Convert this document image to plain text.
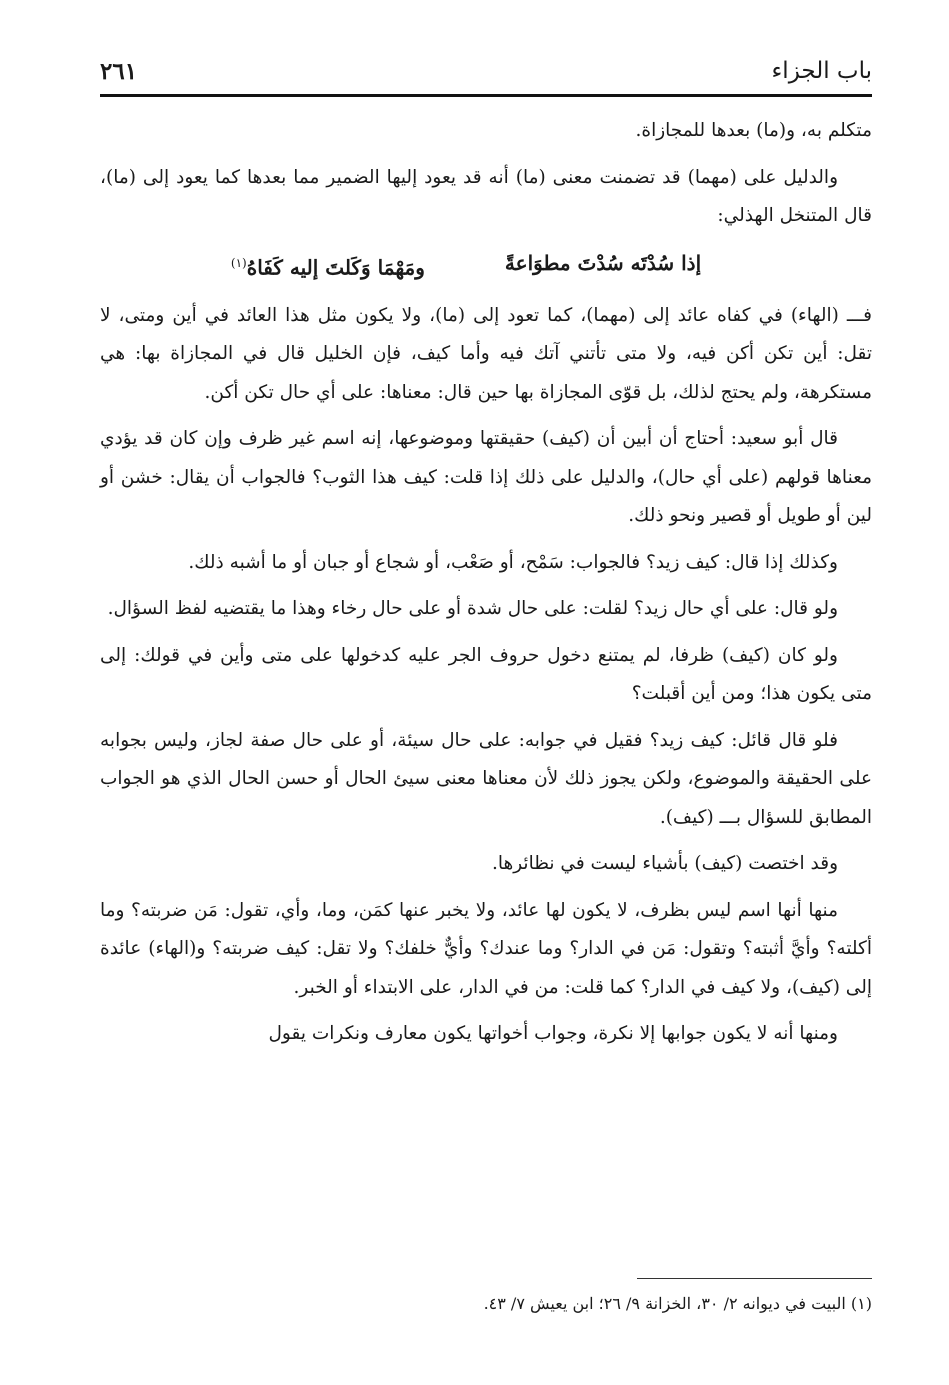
باب الجزاء
٢٦١

متكلم به، و(ما) بعدها للمجازاة.

والدليل على (مهما) قد تضمنت معنى (ما) أنه قد يعود إليها الضمير مما بعدها كما يعود إلى (ما)، قال المتنخل الهذلي:

إذا سُدْتَه سُدْتَ مطوَاعةً
ومَهْمَا وَكَلتَ إليه كَفَاهُ$^{(١)}$

فـــ (الهاء) في كفاه عائد إلى (مهما)، كما تعود إلى (ما)، ولا يكون مثل هذا العائد في أين ومتى، لا تقل: أين تكن أكن فيه، ولا متى تأتني آتك فيه وأما كيف، فإن الخليل قال في المجازاة بها: هي مستكرهة، ولم يحتج لذلك، بل قوّى المجازاة بها حين قال: معناها: على أي حال تكن أكن.

قال أبو سعيد: أحتاج أن أبين أن (كيف) حقيقتها وموضوعها، إنه اسم غير ظرف وإن كان قد يؤدي معناها قولهم (على أي حال)، والدليل على ذلك إذا قلت: كيف هذا الثوب؟ فالجواب أن يقال: خشن أو لين أو طويل أو قصير ونحو ذلك.

وكذلك إذا قال: كيف زيد؟ فالجواب: سَمْح، أو صَعْب، أو شجاع أو جبان أو ما أشبه ذلك.

ولو قال: على أي حال زيد؟ لقلت: على حال شدة أو على حال رخاء وهذا ما يقتضيه لفظ السؤال.

ولو كان (كيف) ظرفا، لم يمتنع دخول حروف الجر عليه كدخولها على متى وأين في قولك: إلى متى يكون هذا؛ ومن أين أقبلت؟

فلو قال قائل: كيف زيد؟ فقيل في جوابه: على حال سيئة، أو على حال صفة لجاز، وليس بجوابه على الحقيقة والموضوع، ولكن يجوز ذلك لأن معناها معنى سيئ الحال أو حسن الحال الذي هو الجواب المطابق للسؤال بـــ (كيف).

وقد اختصت (كيف) بأشياء ليست في نظائرها.

منها أنها اسم ليس بظرف، لا يكون لها عائد، ولا يخبر عنها كمَن، وما، وأي، تقول: مَن ضربته؟ وما أكلته؟ وأيَّ أثبته؟ وتقول: مَن في الدار؟ وما عندك؟ وأيٌّ خلفك؟ ولا تقل: كيف ضربته؟ و(الهاء) عائدة إلى (كيف)، ولا كيف في الدار؟ كما قلت: من في الدار، على الابتداء أو الخبر.

ومنها أنه لا يكون جوابها إلا نكرة، وجواب أخواتها يكون معارف ونكرات يقول

(١) البيت في ديوانه ٢/ ٣٠، الخزانة ٩/ ٢٦؛ ابن يعيش ٧/ ٤٣.
